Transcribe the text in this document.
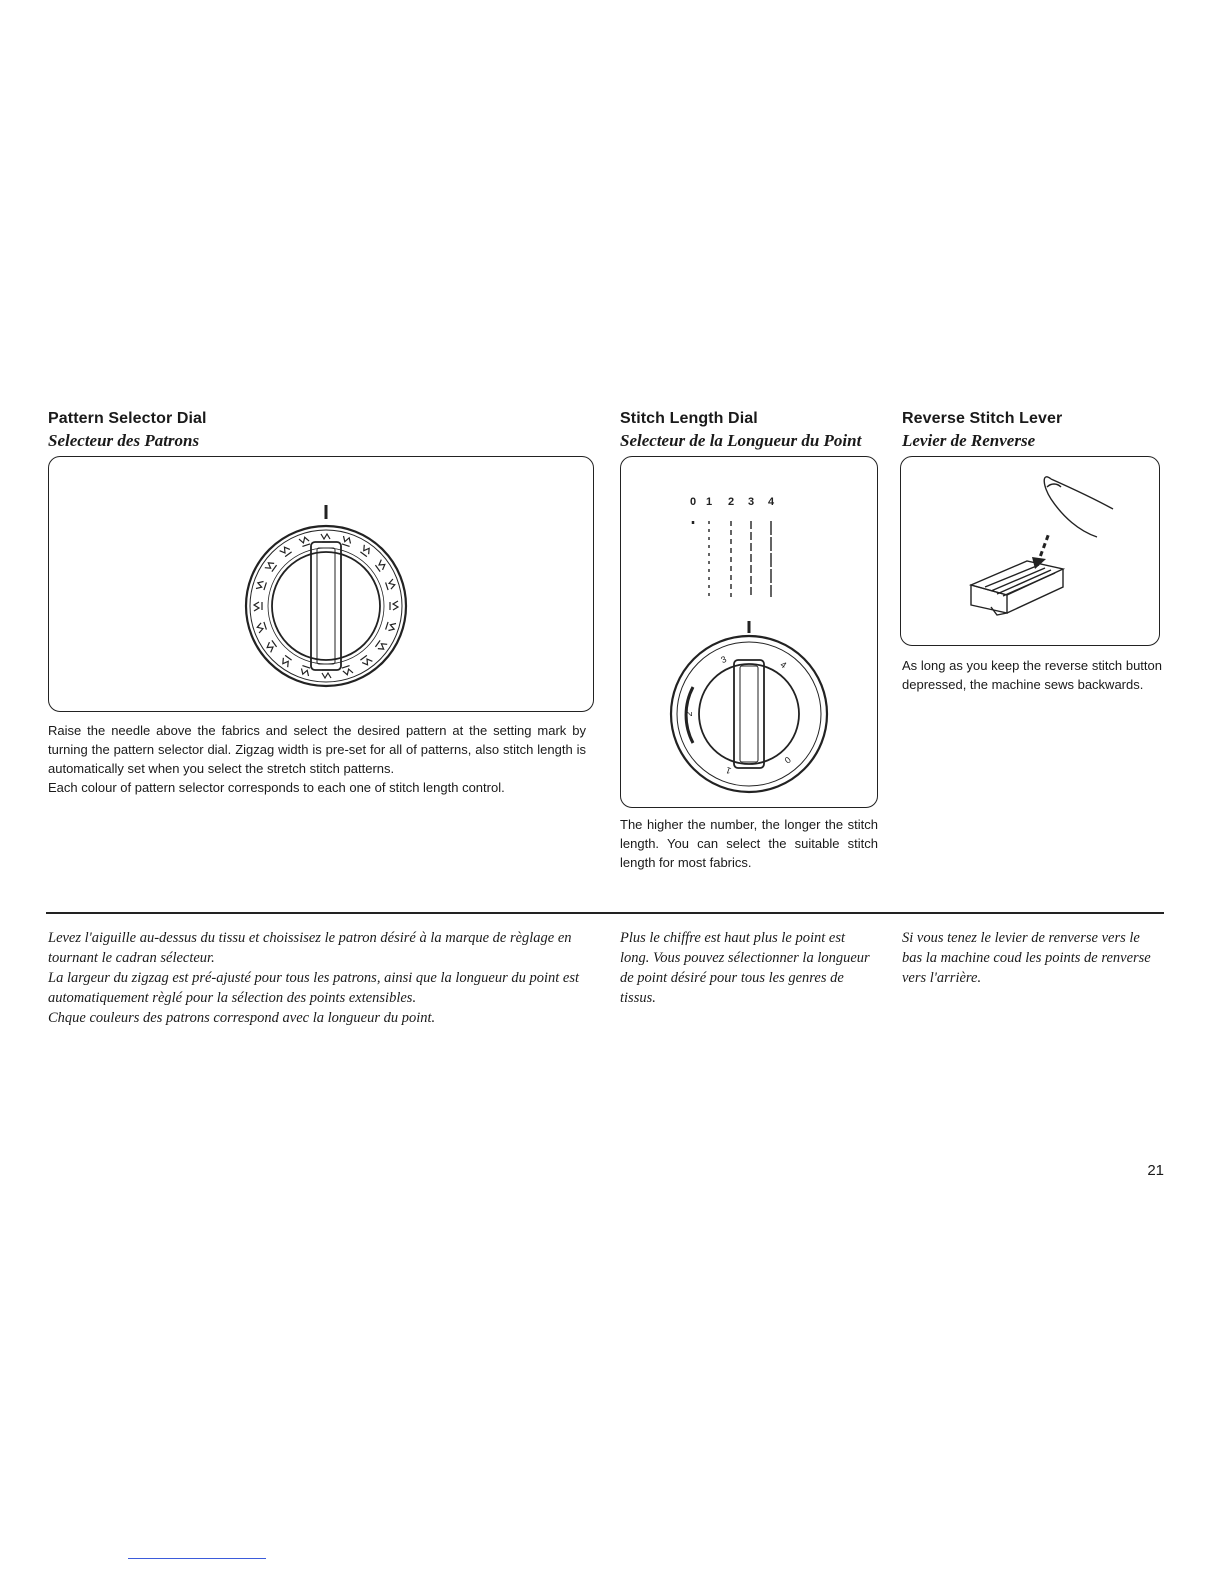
Pattern Selector Dial
Selecteur des Patrons

Raise the needle above the fabrics and select the desired pattern at the setting mark by turning the pattern selector dial. Zigzag width is pre-set for all of patterns, also stitch length is automatically set when you select the stretch stitch patterns.

Each colour of pattern selector corresponds to each one of stitch length control.

Stitch Length Dial
Selecteur de la Longueur du Point
0 1 2 3 4
0
1
2
3	4
The higher the number, the longer the stitch length. You can select the suitable stitch length for most fabrics.
Reverse Stitch Lever
Levier de Renverse
As long as you keep the reverse stitch button depressed, the machine sews backwards.

Levez l'aiguille au-dessus du tissu et choissisez le patron désiré à la marque de règlage en tournant le cadran sélecteur.

La largeur du zigzag est pré-ajusté pour tous les patrons, ainsi que la longueur du point est automatiquement règlé pour la sélection des points extensibles.

Chque couleurs des patrons correspond avec la longueur du point.

Plus le chiffre est haut plus le point est long. Vous pouvez sélectionner la longueur de point désiré pour tous les genres de tissus.
Si vous tenez le levier de renverse vers le bas la machine coud les points de renverse vers l'arrière.
21
